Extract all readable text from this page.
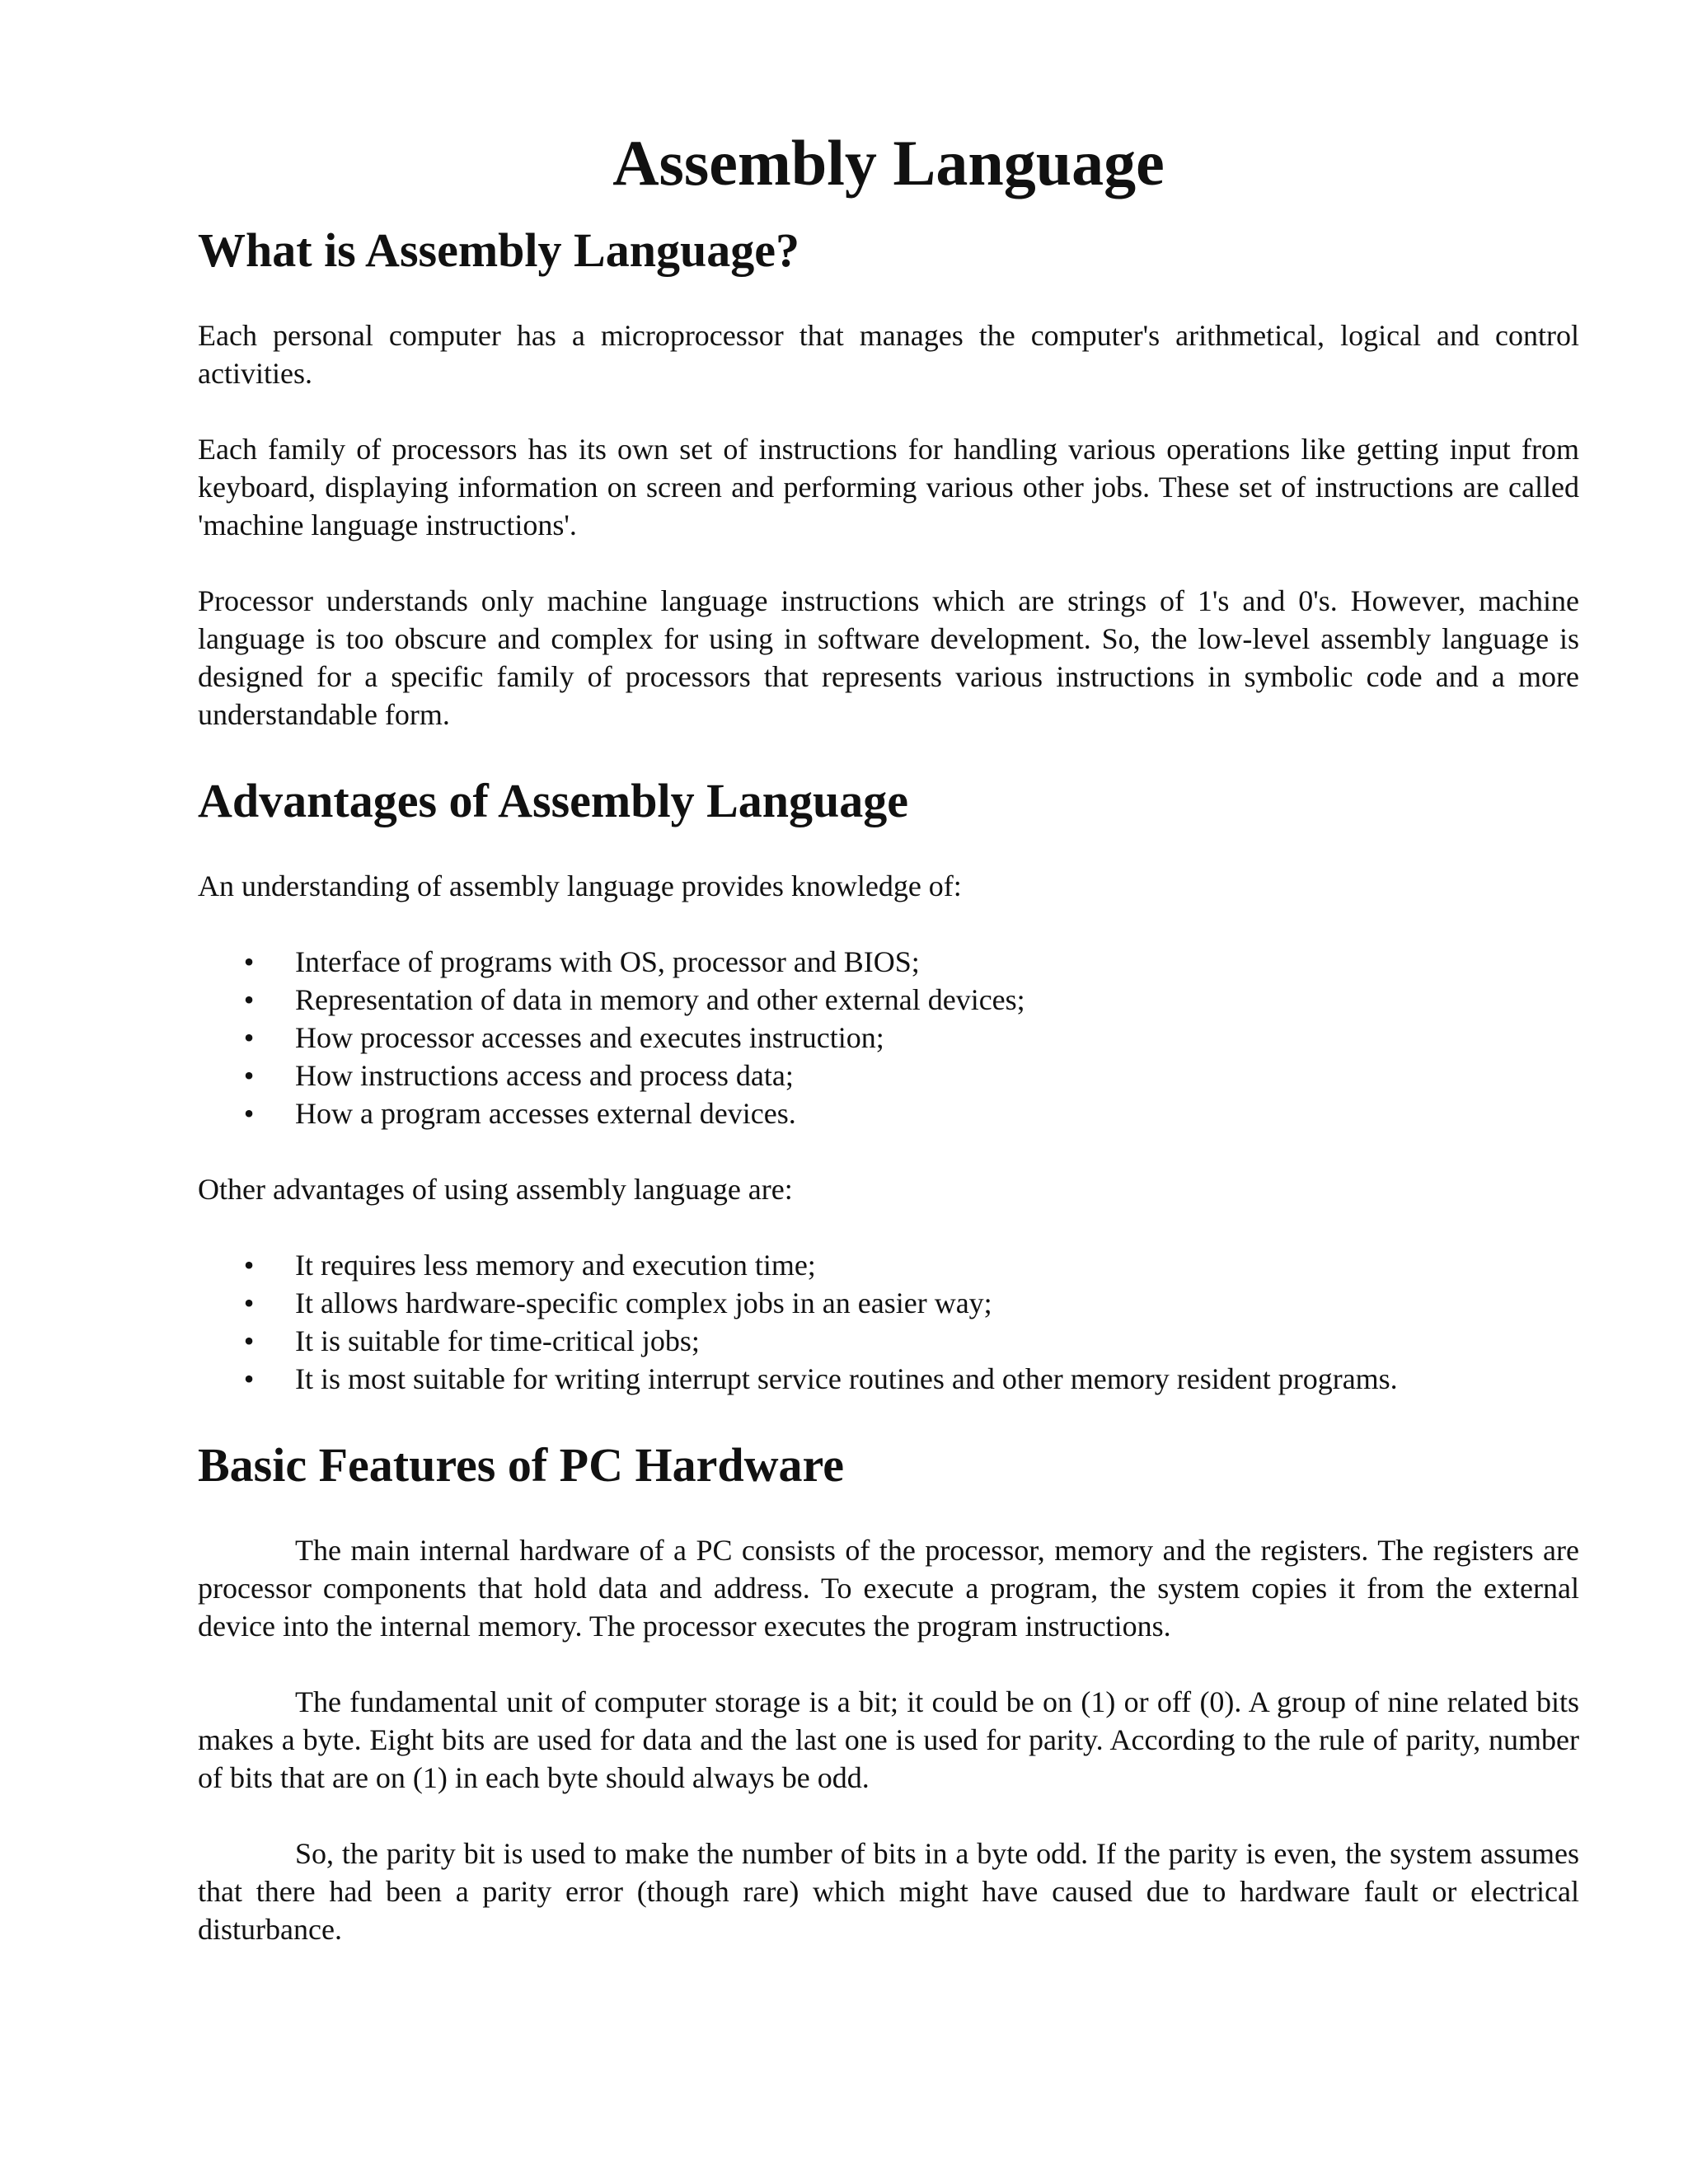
Assembly Language
What is Assembly Language?

Each personal computer has a microprocessor that manages the computer's arithmetical, logical and control activities.

Each family of processors has its own set of instructions for handling various operations like getting input from keyboard, displaying information on screen and performing various other jobs. These set of instructions are called 'machine language instructions'.

Processor understands only machine language instructions which are strings of 1's and 0's. However, machine language is too obscure and complex for using in software development. So, the low-level assembly language is designed for a specific family of processors that represents various instructions in symbolic code and a more understandable form.

Advantages of Assembly Language

An understanding of assembly language provides knowledge of:

• Interface of programs with OS, processor and BIOS;
• Representation of data in memory and other external devices;
• How processor accesses and executes instruction;
• How instructions access and process data;
• How a program accesses external devices.

Other advantages of using assembly language are:

• It requires less memory and execution time;
• It allows hardware-specific complex jobs in an easier way;
• It is suitable for time-critical jobs;
• It is most suitable for writing interrupt service routines and other memory resident programs.
Basic Features of PC Hardware

The main internal hardware of a PC consists of the processor, memory and the registers. The registers are processor components that hold data and address. To execute a program, the system copies it from the external device into the internal memory. The processor executes the program instructions.

The fundamental unit of computer storage is a bit; it could be on (1) or off (0). A group of nine related bits makes a byte. Eight bits are used for data and the last one is used for parity. According to the rule of parity, number of bits that are on (1) in each byte should always be odd.

So, the parity bit is used to make the number of bits in a byte odd. If the parity is even, the system assumes that there had been a parity error (though rare) which might have caused due to hardware fault or electrical disturbance.
